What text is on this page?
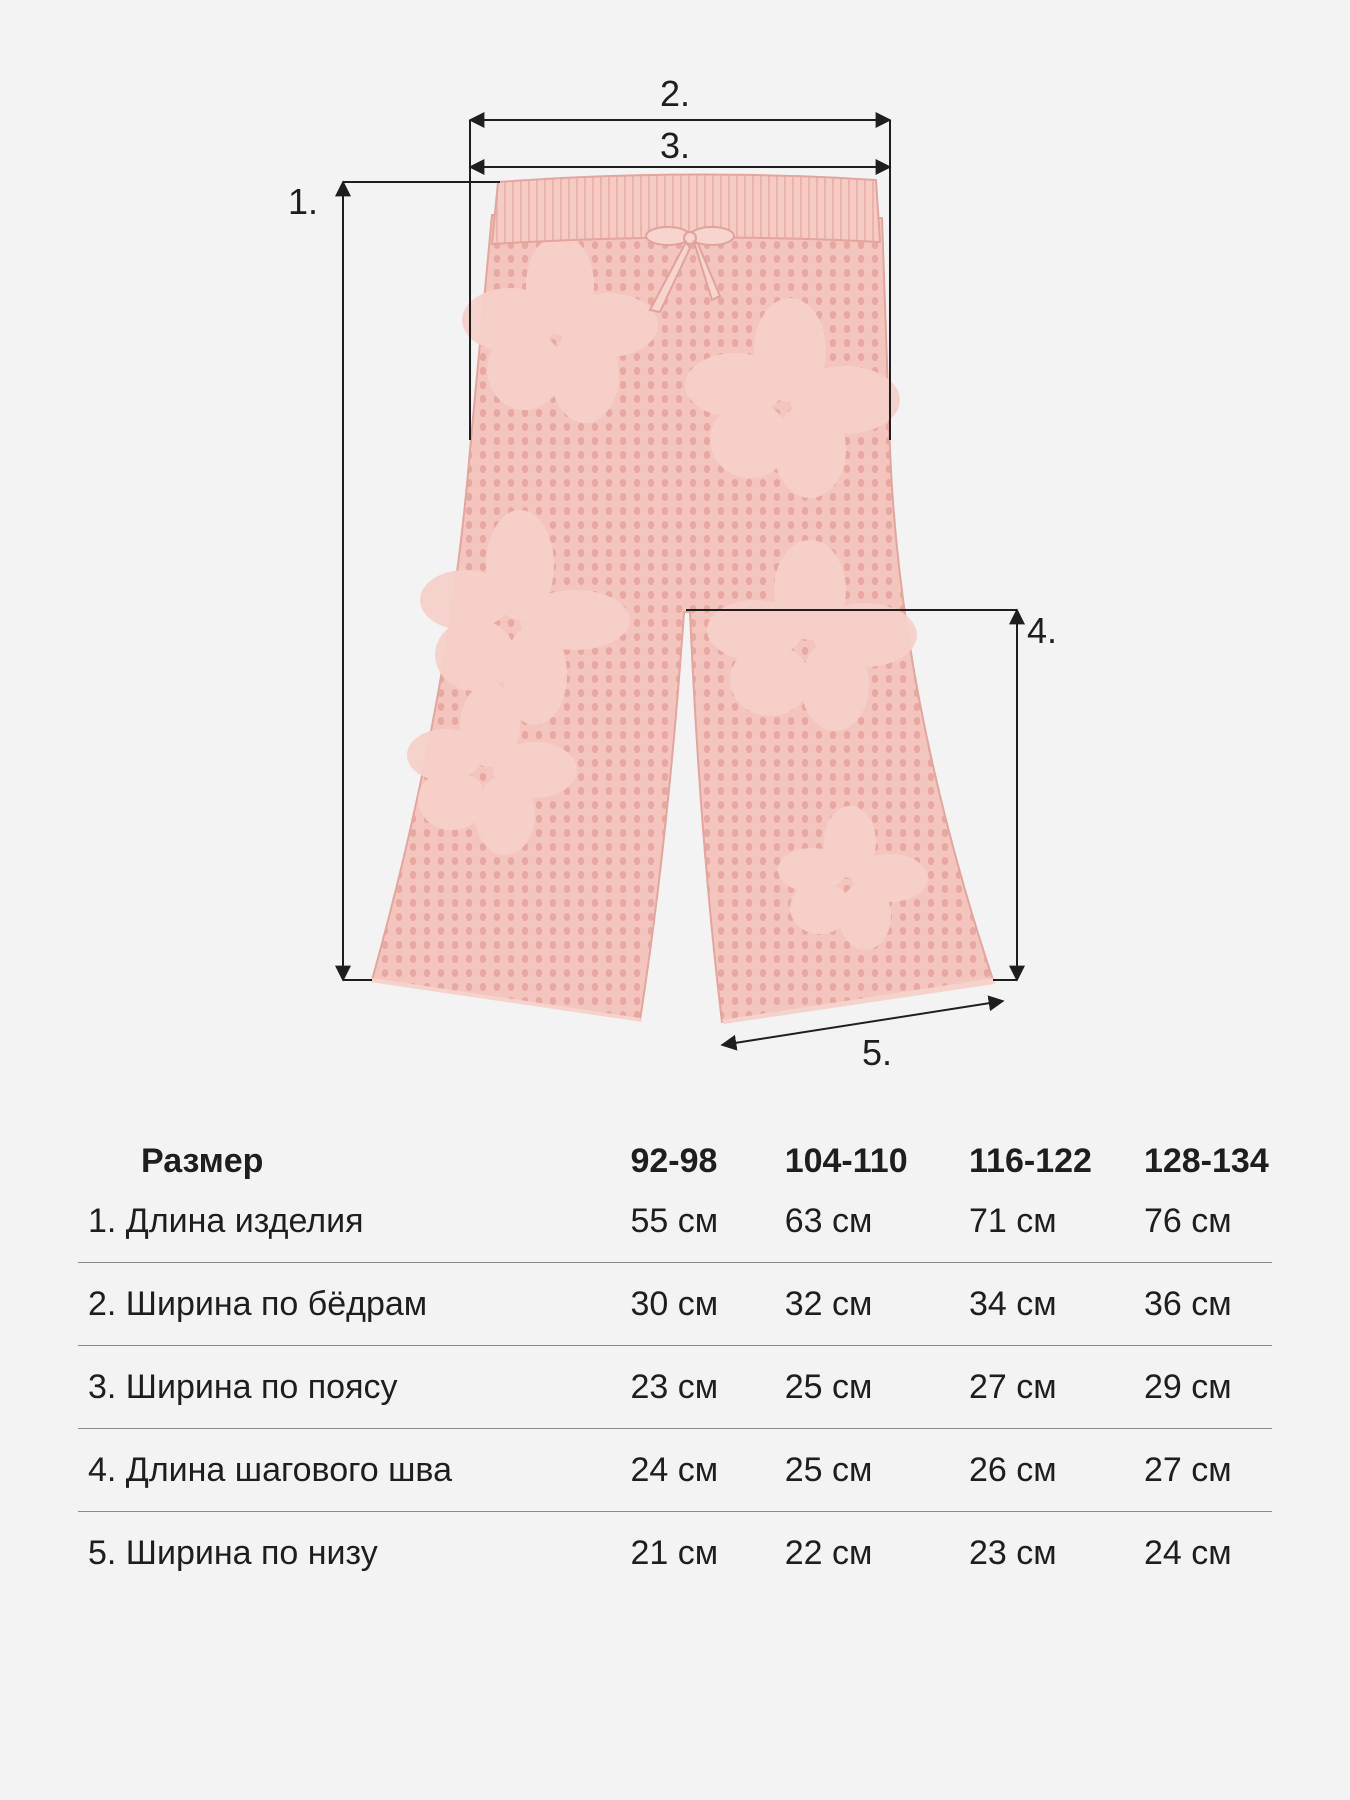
1.
2.
3.
4.
5.
Размер	92-98	104-110	116-122	128-134
1. Длина изделия	55 см	63 см	71 см	76 см
2. Ширина по бёдрам	30 см	32 см	34 см	36 см
3. Ширина по поясу	23 см	25 см	27 см	29 см
4. Длина шагового шва	24 см	25 см	26 см	27 см
5. Ширина по низу	21 см	22 см	23 см	24 см
